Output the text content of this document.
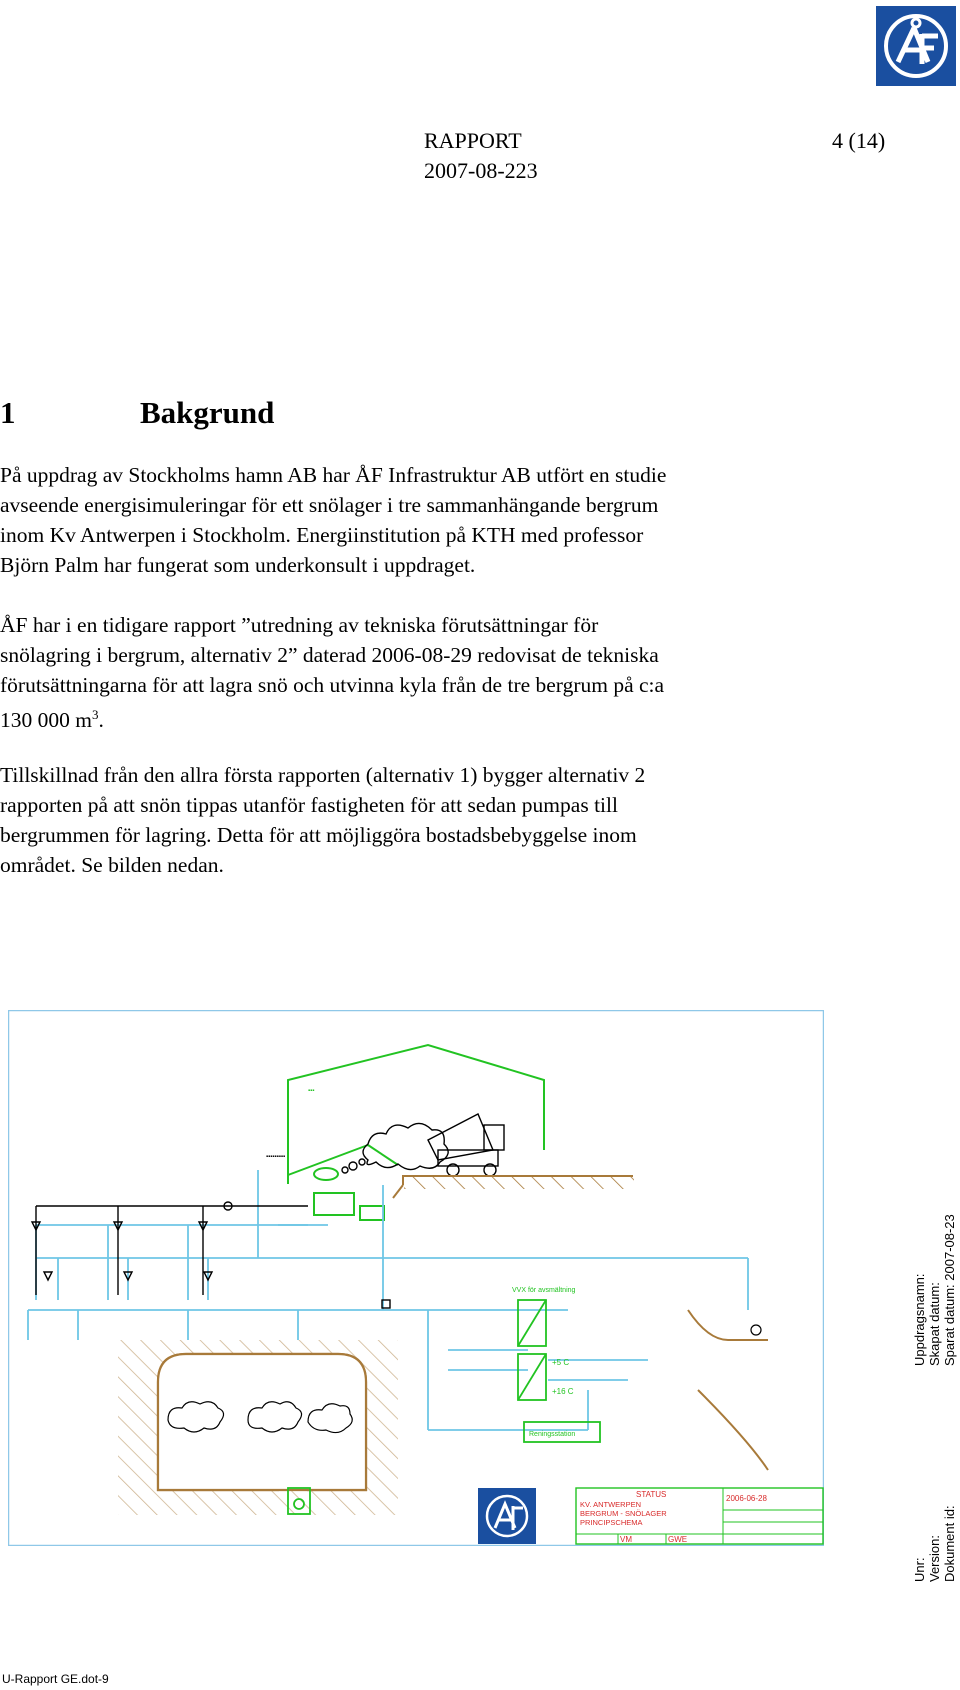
RAPPORT	4 (14)
2007-08-223
1	Bakgrund
På uppdrag av Stockholms hamn AB har ÅF Infrastruktur AB utfört en studie
avseende energisimuleringar för ett snölager i tre sammanhängande bergrum
inom Kv Antwerpen i Stockholm. Energiinstitution på KTH med professor
Björn Palm har fungerat som underkonsult i uppdraget.
ÅF har i en tidigare rapport ”utredning av tekniska förutsättningar för
snölagring i bergrum, alternativ 2” daterad 2006-08-29 redovisat de tekniska
förutsättningarna för att lagra snö och utvinna kyla från de tre bergrum på c:a
130 000 $m^3$.
Tillskillnad från den allra första rapporten (alternativ 1) bygger alternativ 2
rapporten på att snön tippas utanför fastigheten för att sedan pumpas till
bergrummen för lagring. Detta för att möjliggöra bostadsbebyggelse inom
området. Se bilden nedan.
▪▪▪
▪▪▪▪▪▪▪▪▪
VVX för avsmältning
+5 C
+16 C
Reningsstation
STATUS
KV. ANTWERPEN
BERGRUM - SNÖLAGER
PRINCIPSCHEMA
2006-06-28
VM	GWE
Uppdragsnamn: Skapat datum: Sparat datum: 2007-08-23
Unr: Version: Dokument id:
U-Rapport GE.dot-9
